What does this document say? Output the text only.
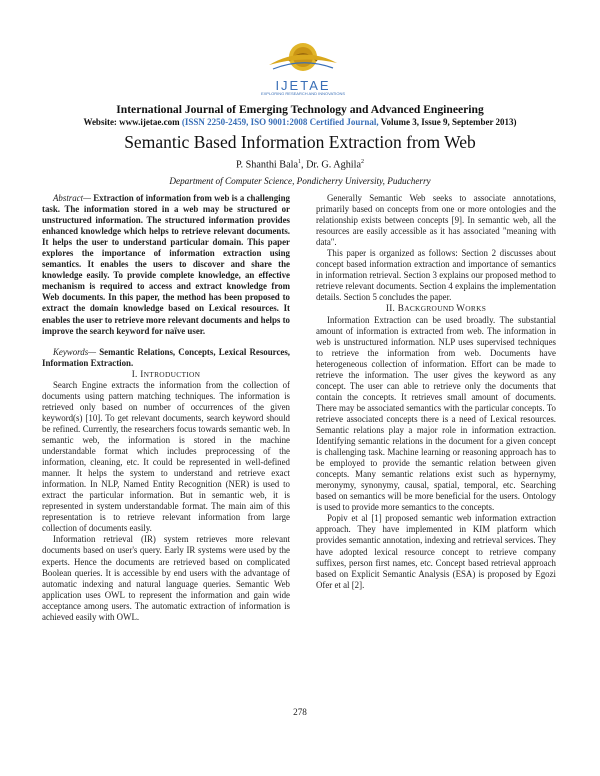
IJETAE
EXPLORING RESEARCH AND INNOVATIONS
International Journal of Emerging Technology and Advanced Engineering
Website: www.ijetae.com (ISSN 2250-2459, ISO 9001:2008 Certified Journal, Volume 3, Issue 9, September 2013)
Semantic Based Information Extraction from Web
P. Shanthi Bala$^1$, Dr. G. Aghila$^2$
Department of Computer Science, Pondicherry University, Puducherry

Abstract— Extraction of information from web is a challenging task. The information stored in a web may be structured or unstructured information. The structured information provides enhanced knowledge which helps to retrieve relevant documents. It helps the user to understand particular domain. This paper explores the importance of information extraction using semantics. It enables the users to discover and share the knowledge easily. To provide complete knowledge, an effective mechanism is required to access and extract knowledge from Web documents. In this paper, the method has been proposed to extract the domain knowledge based on Lexical resources. It enables the user to retrieve more relevant documents and helps to improve the search keyword for naïve user.

Keywords— Semantic Relations, Concepts, Lexical Resources, Information Extraction.

I. INTRODUCTION

Search Engine extracts the information from the collection of documents using pattern matching techniques. The information is retrieved only based on number of occurrences of the given keyword(s) [10]. To get relevant documents, search keyword should be refined. Currently, the researchers focus towards semantic web. In semantic web, the information is stored in the machine understandable format which includes preprocessing of the information, cleaning, etc. It could be represented in well-defined manner. It helps the system to understand and retrieve exact information. In NLP, Named Entity Recognition (NER) is used to extract the particular information. But in semantic web, it is represented in system understandable format. The main aim of this representation is to retrieve relevant information from large collection of documents easily.

Information retrieval (IR) system retrieves more relevant documents based on user's query. Early IR systems were used by the experts. Hence the documents are retrieved based on complicated Boolean queries. It is accessible by end users with the advantage of automatic indexing and natural language queries. Semantic Web application uses OWL to represent the information and gain wide acceptance among users. The automatic extraction of information is achieved easily with OWL.

Generally Semantic Web seeks to associate annotations, primarily based on concepts from one or more ontologies and the relationship exists between concepts [9]. In semantic web, all the resources are easily accessible as it has associated "meaning with data".

This paper is organized as follows: Section 2 discusses about concept based information extraction and importance of semantics in information retrieval. Section 3 explains our proposed method to retrieve relevant documents. Section 4 explains the implementation details. Section 5 concludes the paper.

II. BACKGROUND WORKS

Information Extraction can be used broadly. The substantial amount of information is extracted from web. The information in web is unstructured information. NLP uses supervised techniques to retrieve the information from web. Documents have heterogeneous collection of information. Effort can be made to retrieve the information. The user gives the keyword as any concept. The user can able to retrieve only the documents that contain the concepts. It retrieves small amount of documents. There may be associated semantics with the particular concepts. To retrieve associated concepts there is a need of Lexical resources. Semantic relations play a major role in information extraction. Identifying semantic relations in the document for a given concept is challenging task. Machine learning or reasoning approach has to be employed to provide the semantic relation between given concepts. Many semantic relations exist such as hypernymy, meronymy, synonymy, causal, spatial, temporal, etc. Searching based on semantics will be more beneficial for the users. Ontology is used to provide more semantics to the concepts.

Popiv et al [1] proposed semantic web information extraction approach. They have implemented in KIM platform which provides semantic annotation, indexing and retrieval services. They have adopted lexical resource concept to retrieve company suffixes, person first names, etc. Concept based retrieval approach based on Explicit Semantic Analysis (ESA) is proposed by Egozi Ofer et al [2].

278
